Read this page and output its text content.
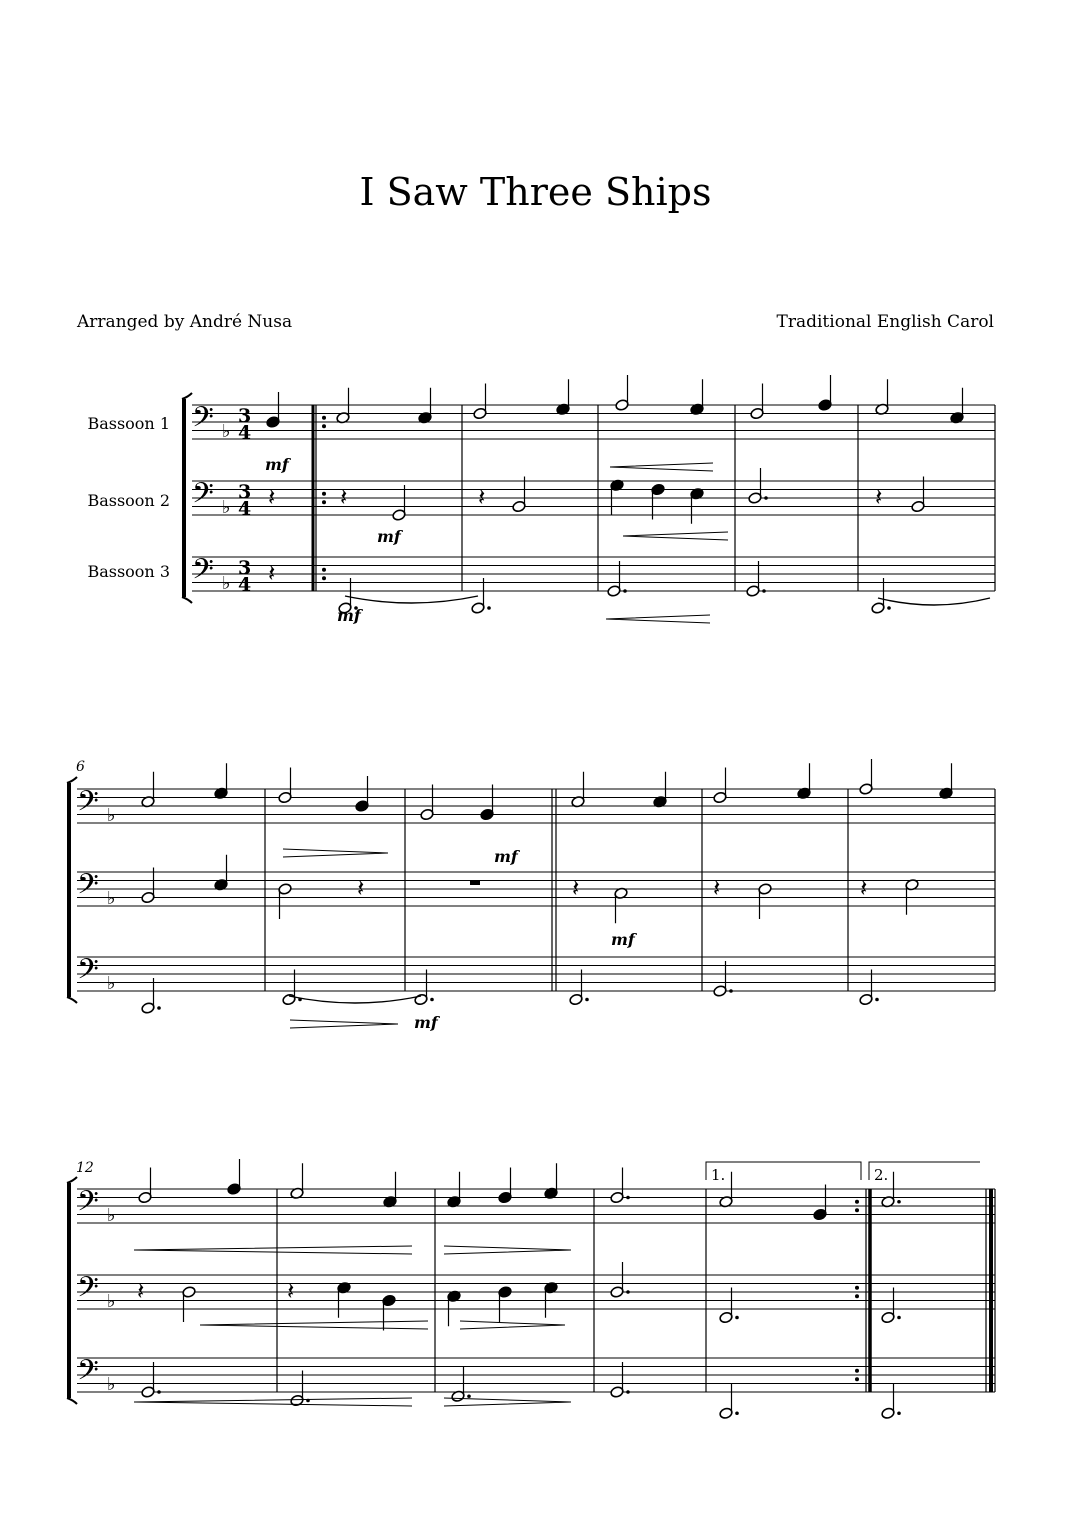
I Saw Three Ships
Arranged by André Nusa	Traditional English Carol
Bassoon 1
Bassoon 2
Bassoon 3
𝄢 ♭
3
4
𝄢 ♭
3
4
𝄢 ♭
3
4
𝄢 ♭
𝄢 ♭
𝄢 ♭
𝄢 ♭
𝄢 ♭
𝄢 ♭
𝄽	𝄽	𝄽	𝄽
𝄽
𝄽	𝄽	𝄽	𝄽
𝄽	𝄽
mf
mf
mf
mf
mf
mf
6
12	1.	2.
